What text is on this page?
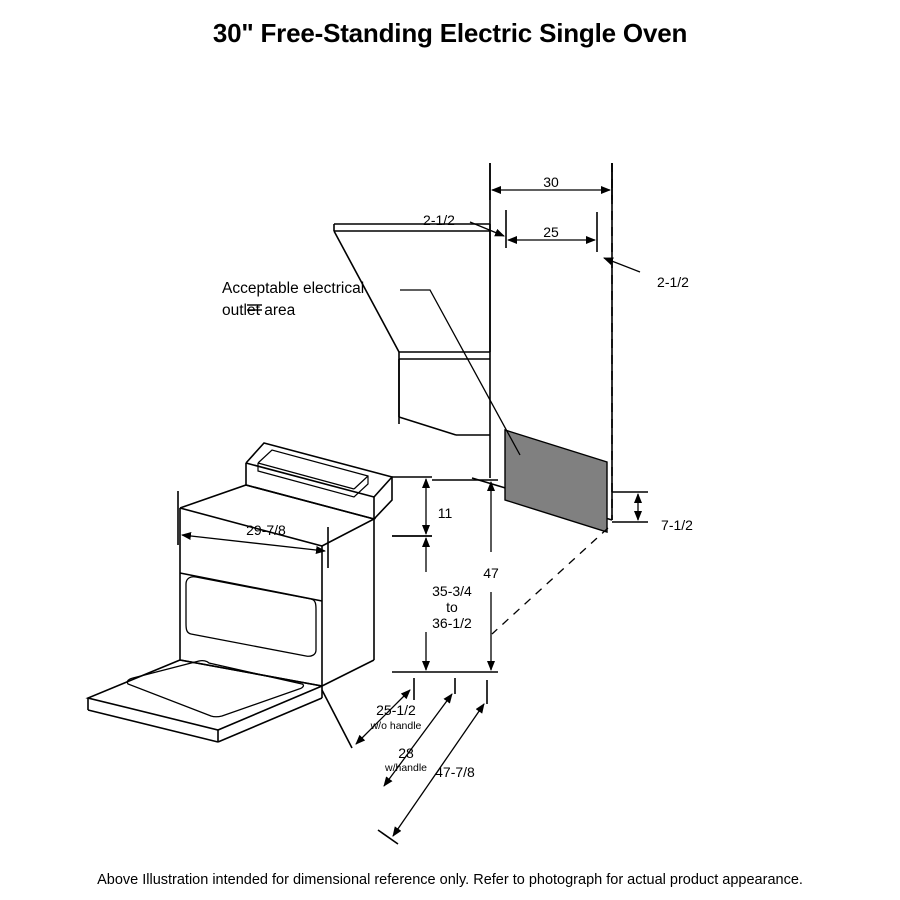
30" Free-Standing Electric Single Oven
30
25
2-1/2
2-1/2
7-1/2
11
35-3/4
to
36-1/2
47
29-7/8
25-1/2
w/o handle
28
w/handle 47-7/8
Acceptable electrical
outlet area
Above Illustration intended for dimensional reference only. Refer to photograph for actual product appearance.
